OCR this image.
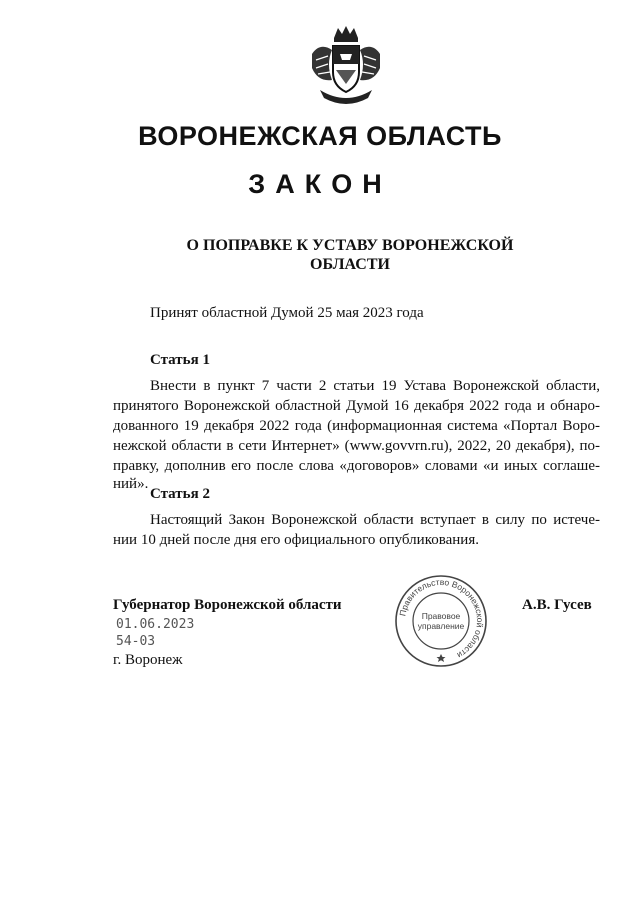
ВОРОНЕЖСКАЯ ОБЛАСТЬ
ЗАКОН
О ПОПРАВКЕ К УСТАВУ ВОРОНЕЖСКОЙ
ОБЛАСТИ
Принят областной Думой 25 мая 2023 года
Статья 1
Внести в пункт 7 части 2 статьи 19 Устава Воронежской области,
принятого Воронежской областной Думой 16 декабря 2022 года и обнаро-
дованного 19 декабря 2022 года (информационная система «Портал Воро-
нежской области в сети Интернет» (www.govvrn.ru), 2022, 20 декабря), по-
правку, дополнив его после слова «договоров» словами «и иных соглаше-
ний».
Статья 2
Настоящий Закон Воронежской области вступает в силу по истече-
нии 10 дней после дня его официального опубликования.
Губернатор Воронежской области
01.06.2023
54-03
г. Воронеж
А.В. Гусев
Правительство Воронежской области
Правовое
управление
